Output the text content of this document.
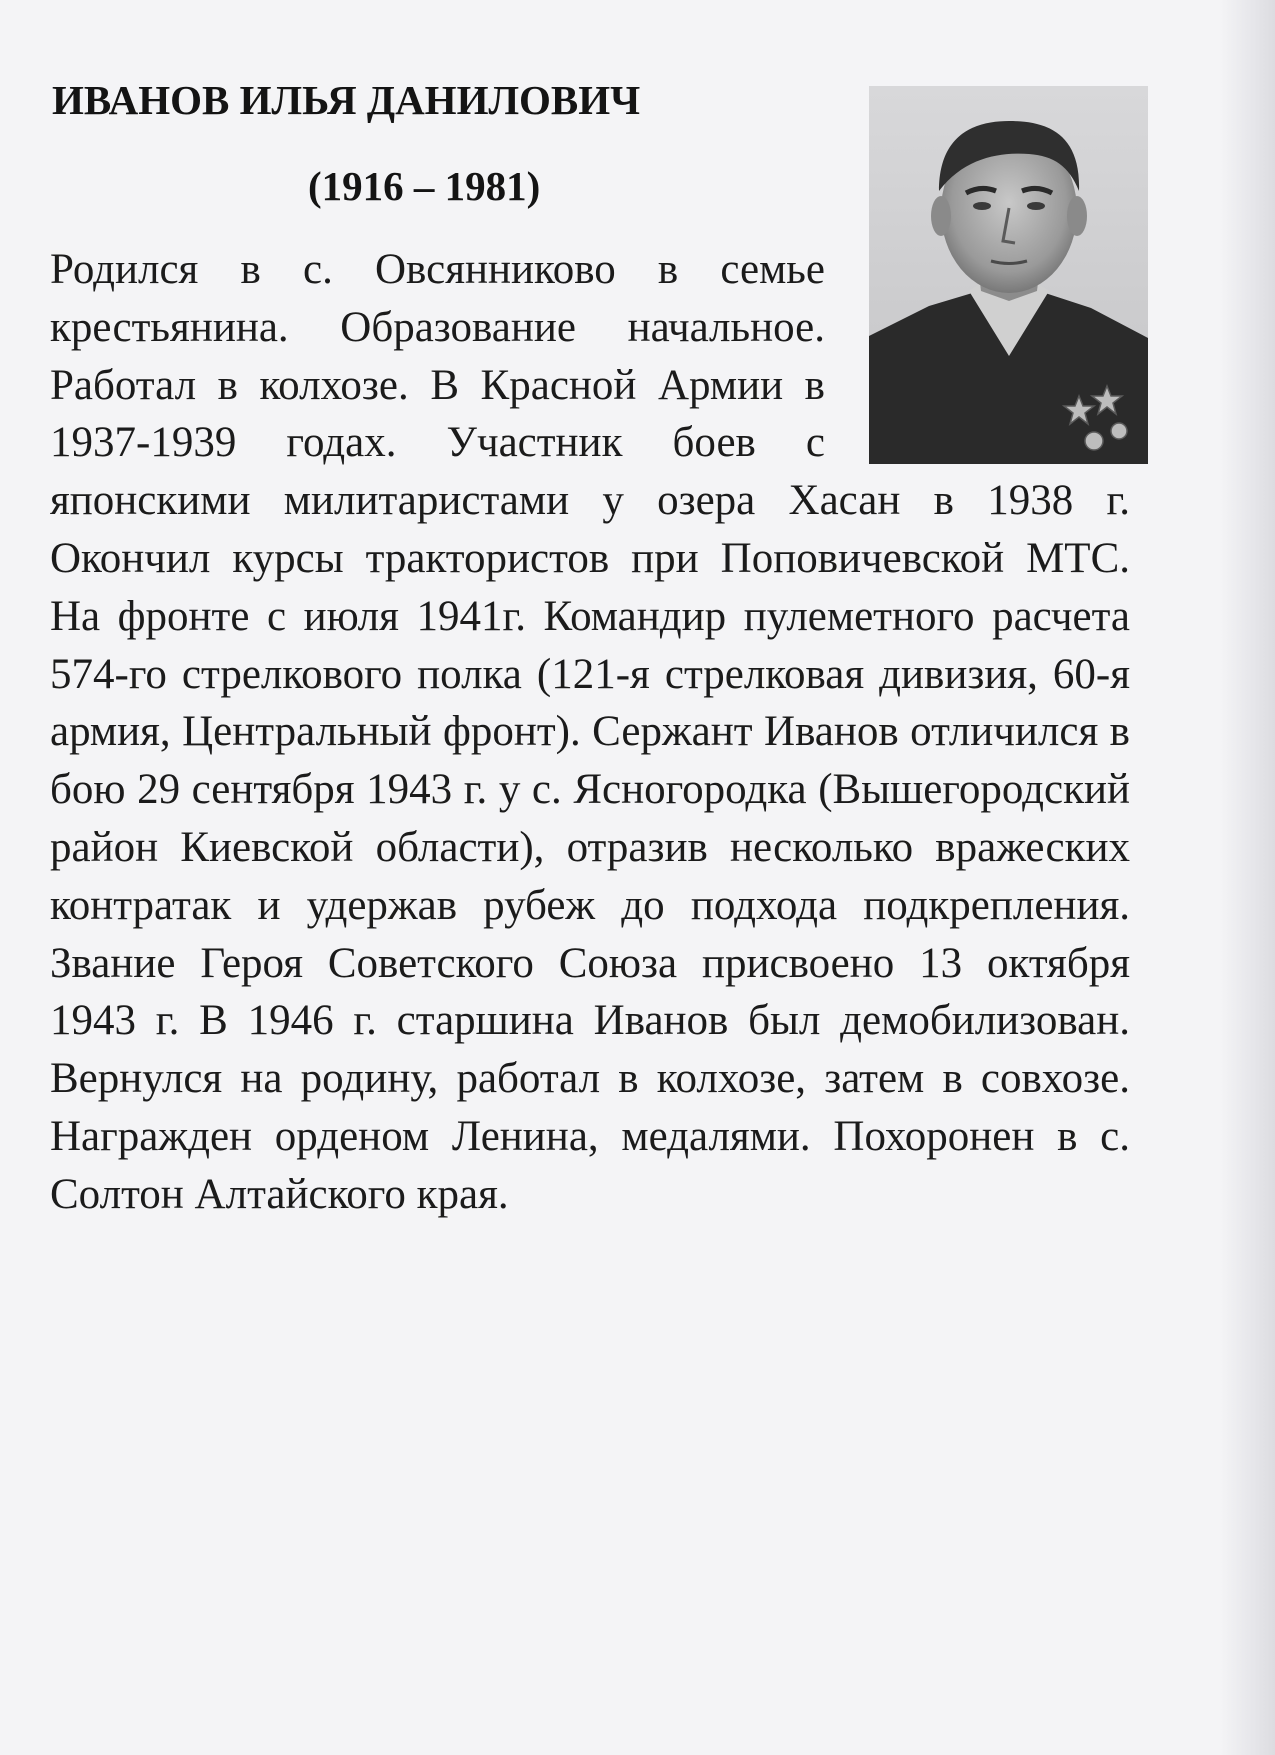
ИВАНОВ ИЛЬЯ ДАНИЛОВИЧ
(1916 – 1981)

Родился в с. Овсянниково в семье крестьянина. Образование начальное. Работал в колхозе. В Красной Армии в 1937-1939 годах. Участник боев с японскими милитаристами у озера Хасан в 1938 г. Окончил курсы трактористов при Поповичевской МТС. На фронте с июля 1941г. Командир пулеметного расчета 574-го стрелкового полка (121-я стрелковая дивизия, 60-я армия, Центральный фронт). Сержант Иванов отличился в бою 29 сентября 1943 г. у с. Ясногородка (Вышегородский район Киевской области), отразив несколько вражеских контратак и удержав рубеж до подхода подкрепления. Звание Героя Советского Союза присвоено 13 октября 1943 г. В 1946 г. старшина Иванов был демобилизован. Вернулся на родину, работал в колхозе, затем в совхозе. Награжден орденом Ленина, медалями. Похоронен в с. Солтон Алтайского края.
